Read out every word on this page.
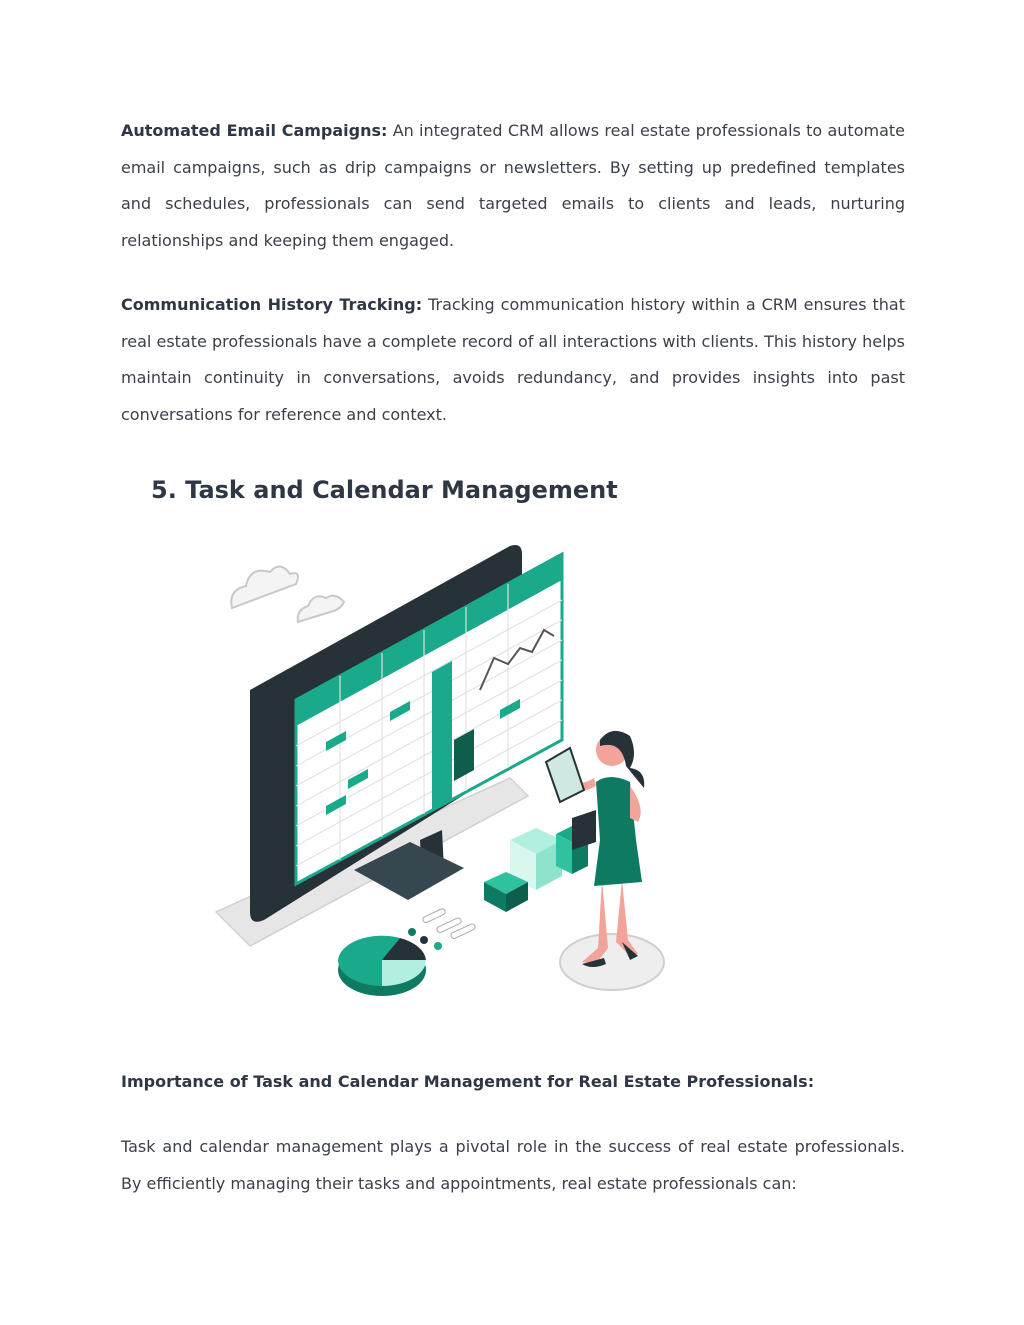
Automated Email Campaigns: An integrated CRM allows real estate professionals to automate email campaigns, such as drip campaigns or newsletters. By setting up predefined templates and schedules, professionals can send targeted emails to clients and leads, nurturing relationships and keeping them engaged.

Communication History Tracking: Tracking communication history within a CRM ensures that real estate professionals have a complete record of all interactions with clients. This history helps maintain continuity in conversations, avoids redundancy, and provides insights into past conversations for reference and context.

5. Task and Calendar Management
Importance of Task and Calendar Management for Real Estate Professionals:

Task and calendar management plays a pivotal role in the success of real estate professionals. By efficiently managing their tasks and appointments, real estate professionals can:
